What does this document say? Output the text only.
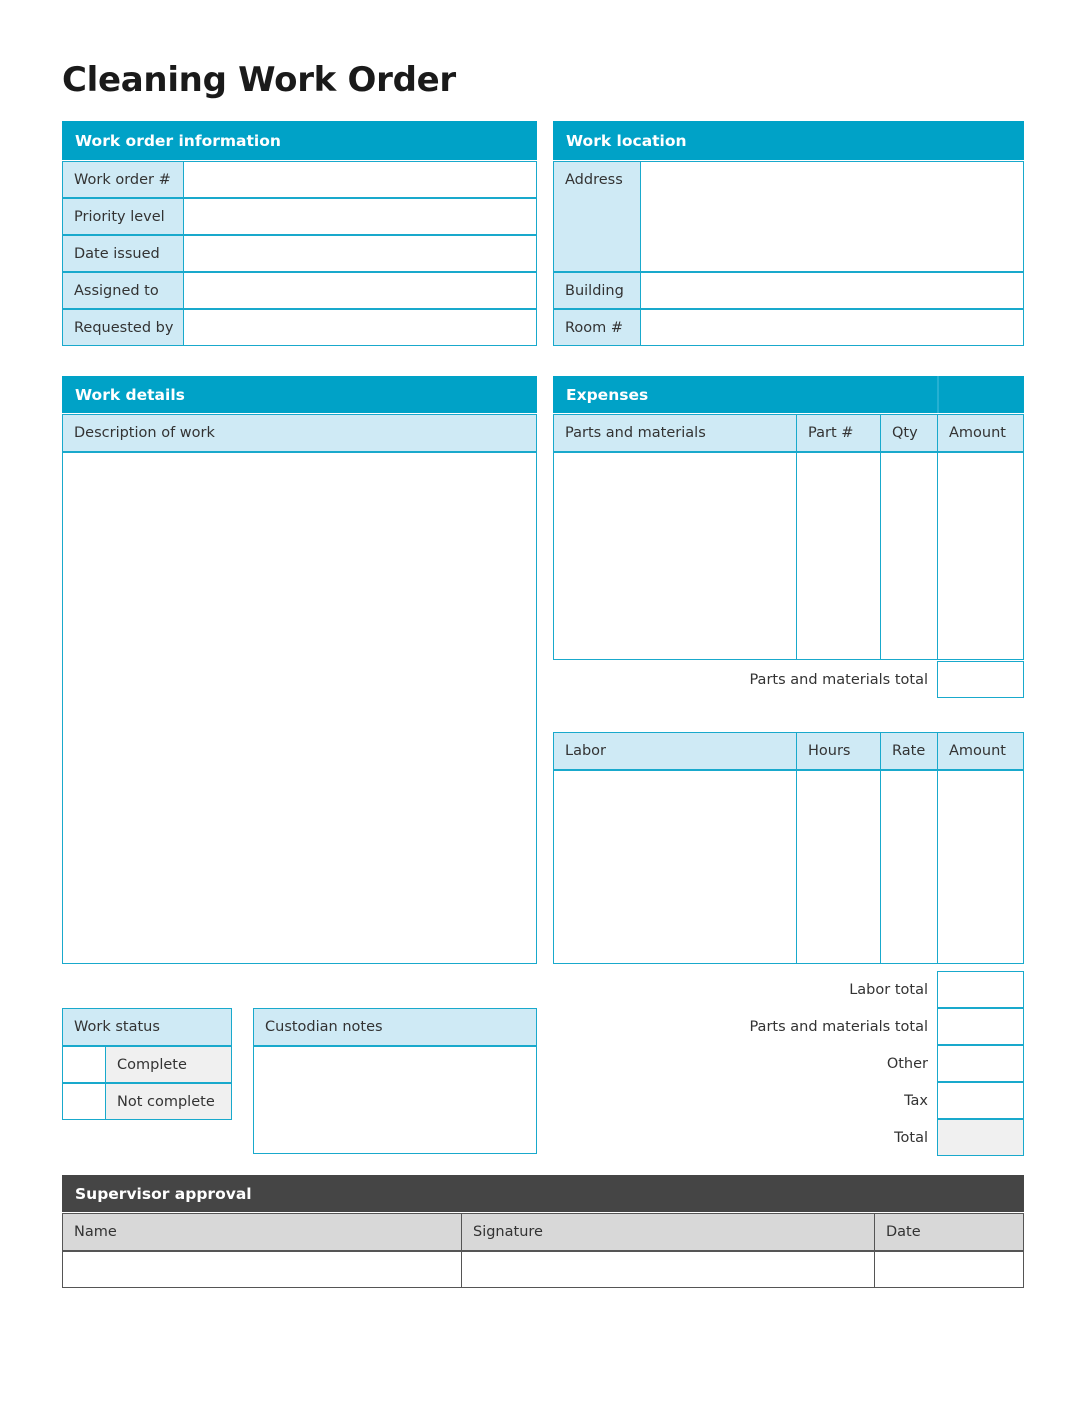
Cleaning Work Order
Work order information
Work order #
Priority level
Date issued
Assigned to
Requested by
Work location
Address
Building
Room #
Work details
Description of work
Expenses
Parts and materials	Part #	Qty Amount
Parts and materials total
Labor	Hours	Rate Amount
Labor total
Parts and materials total
Other
Tax
Total
Work status
Complete
Not complete
Custodian notes
Supervisor approval
Name	Signature	Date
